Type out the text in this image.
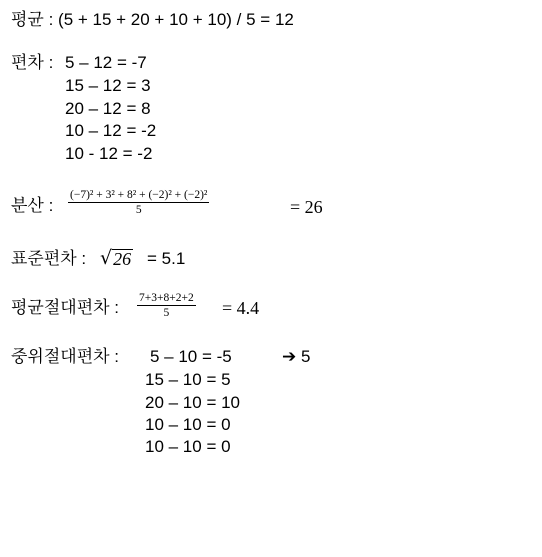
평균 : (5 + 15 + 20 + 10 + 10) / 5 = 12
편차 : 5 – 12 = -7
15 – 12 = 3
20 – 12 = 8
10 – 12 = -2
10 - 12 = -2
분산 :
(−7)² + 3² + 8² + (−2)² + (−2)²
5	= 26
표준편차 : √ 26 = 5.1
평균절대편차 : 7+3+8+2+2
5	= 4.4
중위절대편차 : 5 – 10 = -5	➔ 5
15 – 10 = 5
20 – 10 = 10
10 – 10 = 0
10 – 10 = 0
